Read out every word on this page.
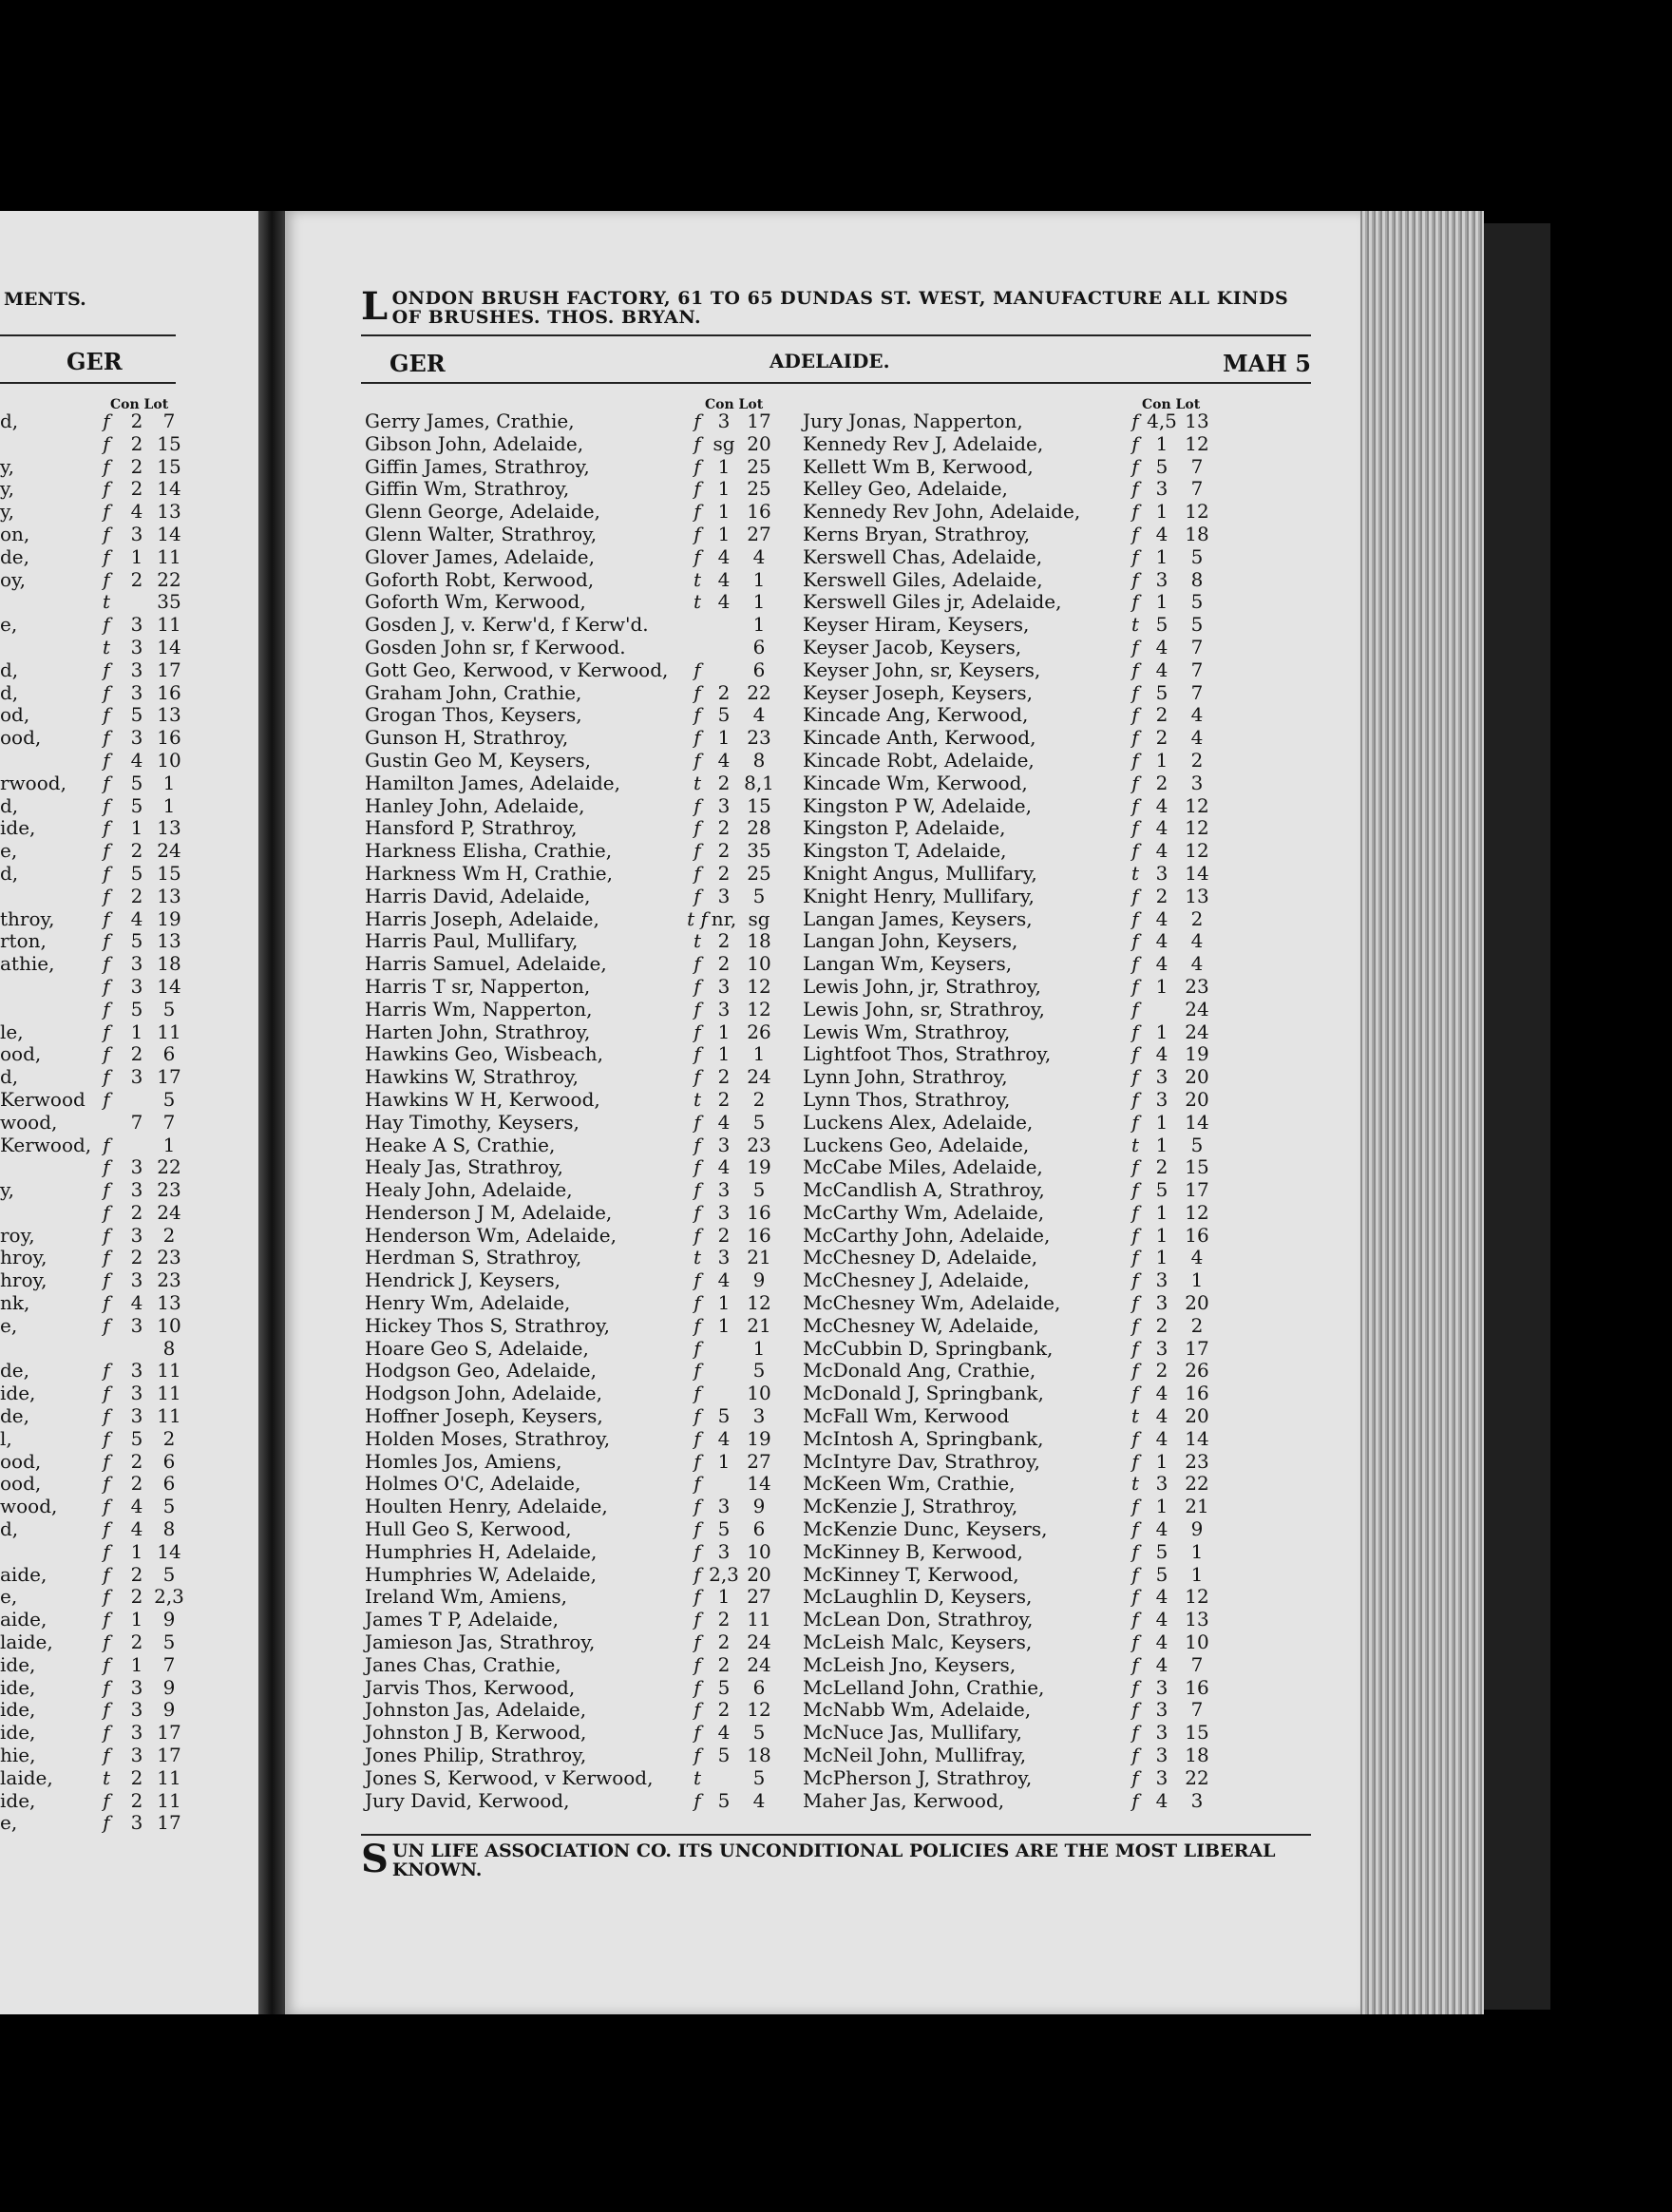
MENTS.
GER
Con Lot
d,	f	2	7
f	2 15
y,	f	2 15
y,	f	2 14
y,	f	4 13
on,	f	3 14
de,	f	1 11
oy,	f	2 22
t	35
e,	f	3 11
t	3 14
d,	f	3 17
d,	f	3 16
od,	f	5 13
ood,	f	3 16
f	4 10
rwood,	f	5	1
d,	f	5	1
ide,	f	1 13
e,	f	2 24
d,	f	5 15
f	2 13
throy,	f	4 19
rton,	f	5 13
athie,	f	3 18
f	3 14
f	5	5
le,	f	1 11
ood,	f	2	6
d,	f	3 17
Kerwood f	5
wood,	7	7
Kerwood, f	1
f	3 22
y,	f	3 23
f	2 24
roy,	f	3	2
hroy,	f	2 23
hroy,	f	3 23
nk,	f	4 13
e,	f	3 10
8
de,	f	3 11
ide,	f	3 11
de,	f	3 11
l,	f	5	2
ood,	f	2	6
ood,	f	2	6
wood,	f	4	5
d,	f	4	8
f	1 14
aide,	f	2	5
e,	f	2 2,3
aide,	f	1	9
laide,	f	2	5
ide,	f	1	7
ide,	f	3	9
ide,	f	3	9
ide,	f	3 17
hie,	f	3 17
laide,	t	2 11
ide,	f	2 11
e,	f	3 17
L ONDON BRUSH FACTORY, 61 TO 65 DUNDAS ST. WEST, MANUFACTURE ALL KINDS OF BRUSHES. THOS. BRYAN.
GER	ADELAIDE.	MAH 5
Con Lot	Con Lot
Gerry James, Crathie,	f 3 17
Gibson John, Adelaide,	f sg 20
Giffin James, Strathroy,	f 1 25
Giffin Wm, Strathroy,	f 1 25
Glenn George, Adelaide,	f 1 16
Glenn Walter, Strathroy,	f 1 27
Glover James, Adelaide,	f 4	4
Goforth Robt, Kerwood,	t 4	1
Goforth Wm, Kerwood,	t 4	1
Gosden J, v. Kerw'd, f Kerw'd.	1
Gosden John sr, f Kerwood.	6
Gott Geo, Kerwood, v Kerwood,	f	6
Graham John, Crathie,	f 2 22
Grogan Thos, Keysers,	f 5	4
Gunson H, Strathroy,	f 1 23
Gustin Geo M, Keysers,	f 4	8
Hamilton James, Adelaide,	t 2 8,1
Hanley John, Adelaide,	f 3 15
Hansford P, Strathroy,	f 2 28
Harkness Elisha, Crathie,	f 2 35
Harkness Wm H, Crathie,	f 2 25
Harris David, Adelaide,	f 3	5
Harris Joseph, Adelaide,	t f nr, sg
Harris Paul, Mullifary,	t 2 18
Harris Samuel, Adelaide,	f 2 10
Harris T sr, Napperton,	f 3 12
Harris Wm, Napperton,	f 3 12
Harten John, Strathroy,	f 1 26
Hawkins Geo, Wisbeach,	f 1	1
Hawkins W, Strathroy,	f 2 24
Hawkins W H, Kerwood,	t 2	2
Hay Timothy, Keysers,	f 4	5
Heake A S, Crathie,	f 3 23
Healy Jas, Strathroy,	f 4 19
Healy John, Adelaide,	f 3	5
Henderson J M, Adelaide,	f 3 16
Henderson Wm, Adelaide,	f 2 16
Herdman S, Strathroy,	t 3 21
Hendrick J, Keysers,	f 4	9
Henry Wm, Adelaide,	f 1 12
Hickey Thos S, Strathroy,	f 1 21
Hoare Geo S, Adelaide,	f	1
Hodgson Geo, Adelaide,	f	5
Hodgson John, Adelaide,	f	10
Hoffner Joseph, Keysers,	f 5	3
Holden Moses, Strathroy,	f 4 19
Homles Jos, Amiens,	f 1 27
Holmes O'C, Adelaide,	f	14
Houlten Henry, Adelaide,	f 3	9
Hull Geo S, Kerwood,	f 5	6
Humphries H, Adelaide,	f 3 10
Humphries W, Adelaide,	f 2,3 20
Ireland Wm, Amiens,	f 1 27
James T P, Adelaide,	f 2 11
Jamieson Jas, Strathroy,	f 2 24
Janes Chas, Crathie,	f 2 24
Jarvis Thos, Kerwood,	f 5	6
Johnston Jas, Adelaide,	f 2 12
Johnston J B, Kerwood,	f 4	5
Jones Philip, Strathroy,	f 5 18
Jones S, Kerwood, v Kerwood,	t	5
Jury David, Kerwood,	f 5	4
Jury Jonas, Napperton,	f 4,5 13
Kennedy Rev J, Adelaide,	f 1 12
Kellett Wm B, Kerwood,	f 5	7
Kelley Geo, Adelaide,	f 3	7
Kennedy Rev John, Adelaide,	f 1 12
Kerns Bryan, Strathroy,	f 4 18
Kerswell Chas, Adelaide,	f 1	5
Kerswell Giles, Adelaide,	f 3	8
Kerswell Giles jr, Adelaide,	f 1	5
Keyser Hiram, Keysers,	t 5	5
Keyser Jacob, Keysers,	f 4	7
Keyser John, sr, Keysers,	f 4	7
Keyser Joseph, Keysers,	f 5	7
Kincade Ang, Kerwood,	f 2	4
Kincade Anth, Kerwood,	f 2	4
Kincade Robt, Adelaide,	f 1	2
Kincade Wm, Kerwood,	f 2	3
Kingston P W, Adelaide,	f 4 12
Kingston P, Adelaide,	f 4 12
Kingston T, Adelaide,	f 4 12
Knight Angus, Mullifary,	t 3 14
Knight Henry, Mullifary,	f 2 13
Langan James, Keysers,	f 4	2
Langan John, Keysers,	f 4	4
Langan Wm, Keysers,	f 4	4
Lewis John, jr, Strathroy,	f 1 23
Lewis John, sr, Strathroy,	f	24
Lewis Wm, Strathroy,	f 1 24
Lightfoot Thos, Strathroy,	f 4 19
Lynn John, Strathroy,	f 3 20
Lynn Thos, Strathroy,	f 3 20
Luckens Alex, Adelaide,	f 1 14
Luckens Geo, Adelaide,	t 1	5
McCabe Miles, Adelaide,	f 2 15
McCandlish A, Strathroy,	f 5 17
McCarthy Wm, Adelaide,	f 1 12
McCarthy John, Adelaide,	f 1 16
McChesney D, Adelaide,	f 1	4
McChesney J, Adelaide,	f 3	1
McChesney Wm, Adelaide,	f 3 20
McChesney W, Adelaide,	f 2	2
McCubbin D, Springbank,	f 3 17
McDonald Ang, Crathie,	f 2 26
McDonald J, Springbank,	f 4 16
McFall Wm, Kerwood	t 4 20
McIntosh A, Springbank,	f 4 14
McIntyre Dav, Strathroy,	f 1 23
McKeen Wm, Crathie,	t 3 22
McKenzie J, Strathroy,	f 1 21
McKenzie Dunc, Keysers,	f 4	9
McKinney B, Kerwood,	f 5	1
McKinney T, Kerwood,	f 5	1
McLaughlin D, Keysers,	f 4 12
McLean Don, Strathroy,	f 4 13
McLeish Malc, Keysers,	f 4 10
McLeish Jno, Keysers,	f 4	7
McLelland John, Crathie,	f 3 16
McNabb Wm, Adelaide,	f 3	7
McNuce Jas, Mullifary,	f 3 15
McNeil John, Mullifray,	f 3 18
McPherson J, Strathroy,	f 3 22
Maher Jas, Kerwood,	f 4	3
S UN LIFE ASSOCIATION CO. ITS UNCONDITIONAL POLICIES ARE THE MOST LIBERAL KNOWN.
